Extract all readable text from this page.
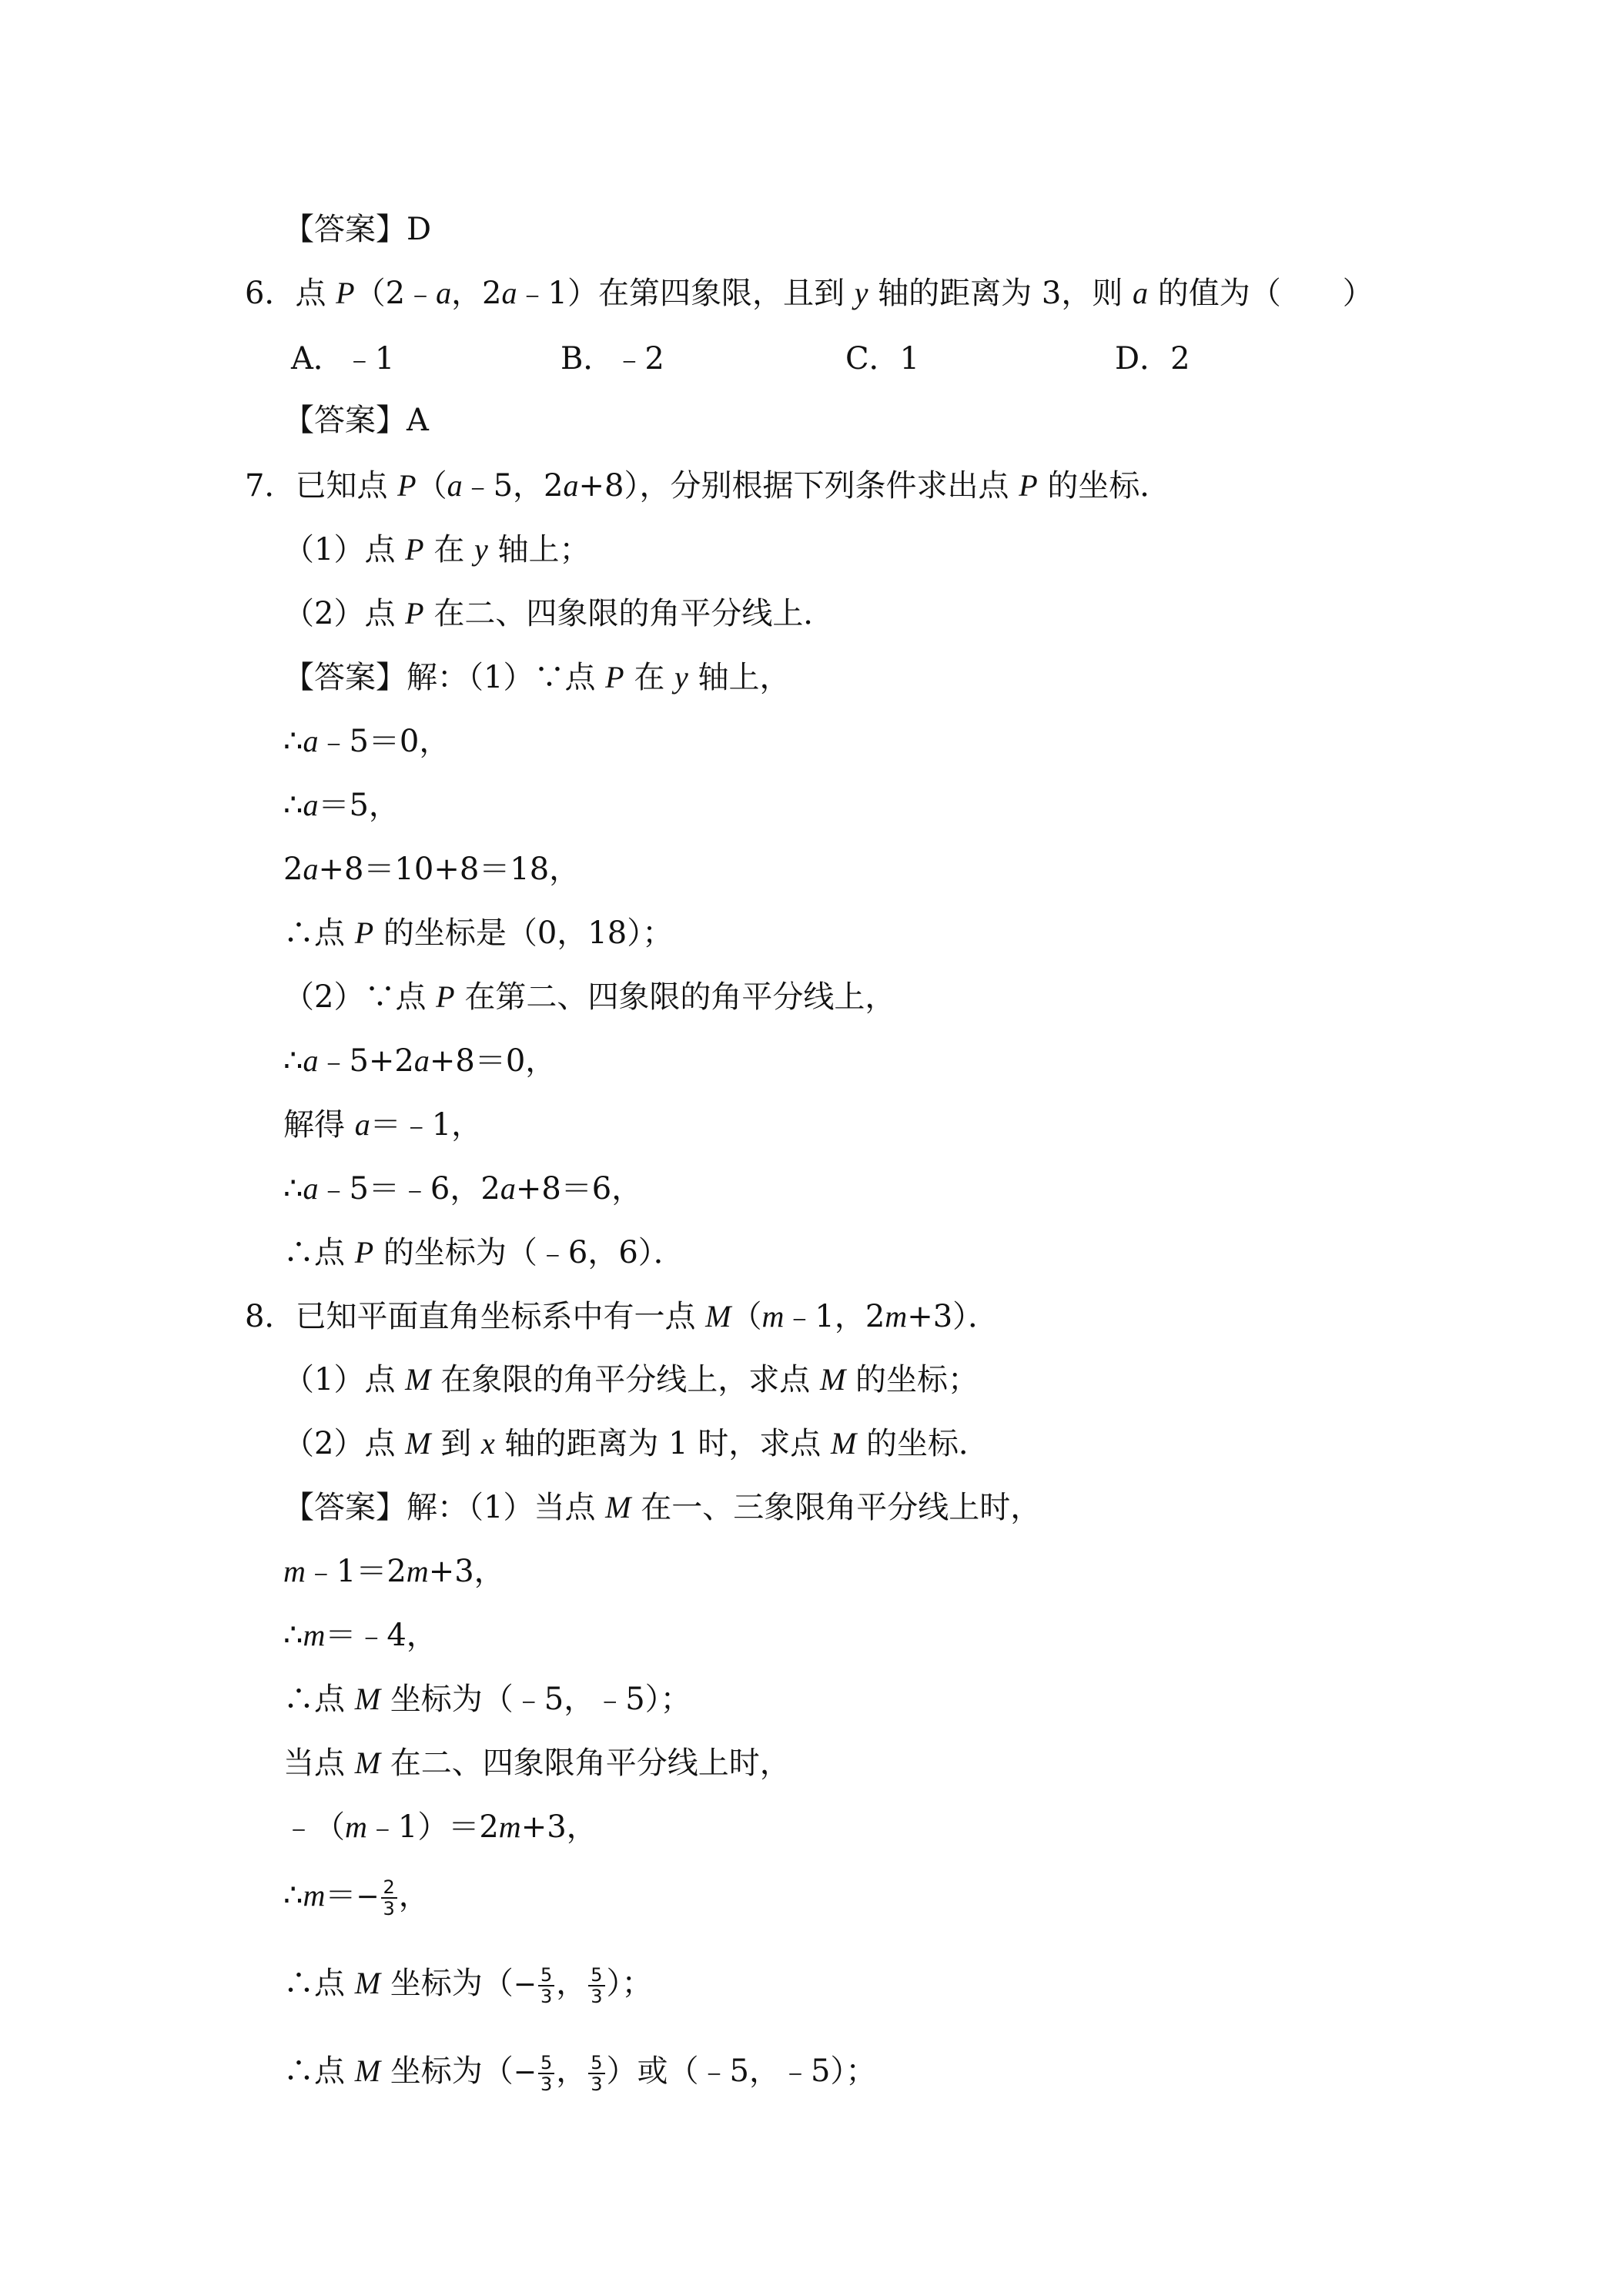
【答案】D
6．点 P（2﹣a，2a﹣1）在第四象限，且到 y 轴的距离为 3，则 a 的值为（　　）
A．﹣1	B．﹣2	C．1	D．2
【答案】A
7．已知点 P（a﹣5，2a+8），分别根据下列条件求出点 P 的坐标．
（1）点 P 在 y 轴上；
（2）点 P 在二、四象限的角平分线上．
【答案】解：（1）∵点 P 在 y 轴上，
∴a﹣5＝0，
∴a＝5，
2a+8＝10+8＝18，
∴点 P 的坐标是（0，18）；
（2）∵点 P 在第二、四象限的角平分线上，
∴a﹣5+2a+8＝0，
解得 a＝﹣1，
∴a﹣5＝﹣6，2a+8＝6，
∴点 P 的坐标为（﹣6，6）．
8．已知平面直角坐标系中有一点 M（m﹣1，2m+3）．
（1）点 M 在象限的角平分线上，求点 M 的坐标；
（2）点 M 到 x 轴的距离为 1 时，求点 M 的坐标．
【答案】解：（1）当点 M 在一、三象限角平分线上时，
m﹣1＝2m+3，
∴m＝﹣4，
∴点 M 坐标为（﹣5，﹣5）；
当点 M 在二、四象限角平分线上时，
﹣（m﹣1）＝2m+3，
∴m＝− $\frac{2}{3}$ ，
∴点 M 坐标为（− $\frac{5}{3}$ ， $\frac{5}{3}$ ）；
∴点 M 坐标为（− $\frac{5}{3}$ ， $\frac{5}{3}$ ）或（﹣5，﹣5）；
